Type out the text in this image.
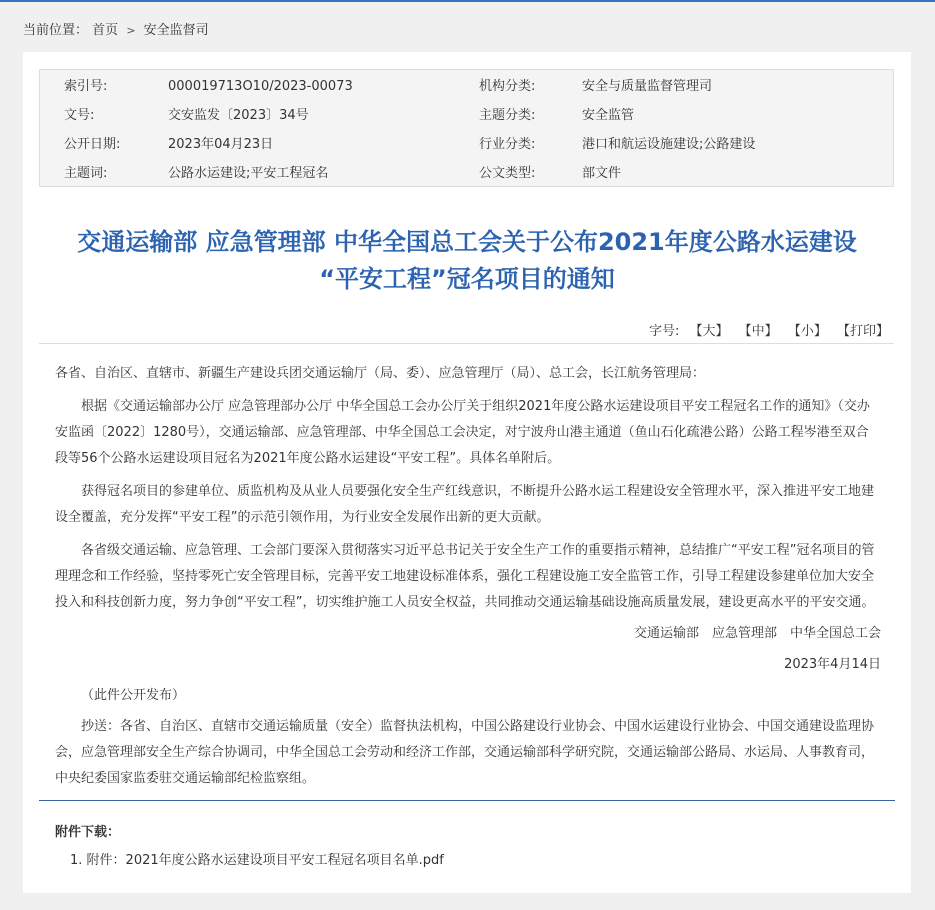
当前位置： 首页 > 安全监督司
索引号:	000019713O10/2023-00073	机构分类:	安全与质量监督管理司
文号:	交安监发〔2023〕34号	主题分类:	安全监管
公开日期:	2023年04月23日	行业分类:	港口和航运设施建设;公路建设
主题词:	公路水运建设;平安工程冠名	公文类型:	部文件
交通运输部 应急管理部 中华全国总工会关于公布2021年度公路水运建设
“平安工程”冠名项目的通知
字号: 【大】 【中】 【小】 【打印】

各省、自治区、直辖市、新疆生产建设兵团交通运输厅（局、委）、应急管理厅（局）、总工会，长江航务管理局：

根据《交通运输部办公厅 应急管理部办公厅 中华全国总工会办公厅关于组织2021年度公路水运建设项目平安工程冠名工作的通知》（交办安监函〔2022〕1280号），交通运输部、应急管理部、中华全国总工会决定，对宁波舟山港主通道（鱼山石化疏港公路）公路工程岑港至双合段等56个公路水运建设项目冠名为2021年度公路水运建设“平安工程”。具体名单附后。

获得冠名项目的参建单位、质监机构及从业人员要强化安全生产红线意识，不断提升公路水运工程建设安全管理水平，深入推进平安工地建设全覆盖，充分发挥“平安工程”的示范引领作用，为行业安全发展作出新的更大贡献。

各省级交通运输、应急管理、工会部门要深入贯彻落实习近平总书记关于安全生产工作的重要指示精神，总结推广“平安工程”冠名项目的管理理念和工作经验，坚持零死亡安全管理目标，完善平安工地建设标准体系，强化工程建设施工安全监管工作，引导工程建设参建单位加大安全投入和科技创新力度，努力争创“平安工程”，切实维护施工人员安全权益，共同推动交通运输基础设施高质量发展，建设更高水平的平安交通。

交通运输部　应急管理部　中华全国总工会

2023年4月14日

（此件公开发布）

抄送：各省、自治区、直辖市交通运输质量（安全）监督执法机构，中国公路建设行业协会、中国水运建设行业协会、中国交通建设监理协会，应急管理部安全生产综合协调司，中华全国总工会劳动和经济工作部，交通运输部科学研究院，交通运输部公路局、水运局、人事教育司，中央纪委国家监委驻交通运输部纪检监察组。

附件下载：
1. 附件：2021年度公路水运建设项目平安工程冠名项目名单.pdf
